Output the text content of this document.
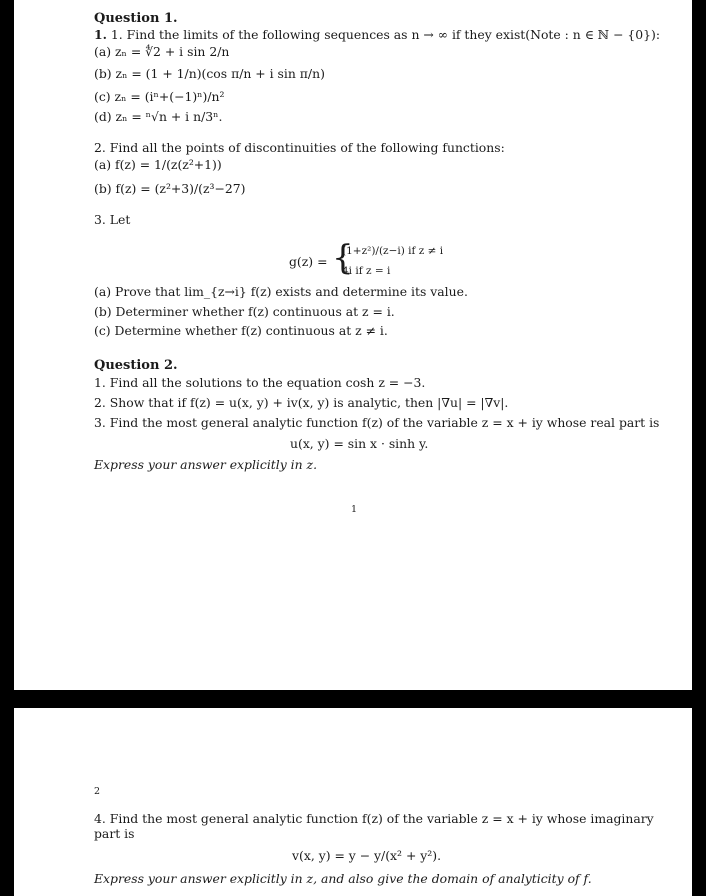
Question 1.
1. 1. Find the limits of the following sequences as n → ∞ if they exist(Note : n ∈ ℕ − {0}):
(a) zₙ = ∜2 + i sin 2/n
(b) zₙ = (1 + 1/n)(cos π/n + i sin π/n)
(c) zₙ = (iⁿ+(−1)ⁿ)/n²
(d) zₙ = ⁿ√n + i n/3ⁿ.
2. Find all the points of discontinuities of the following functions:
(a) f(z) = 1/(z(z²+1))
(b) f(z) = (z²+3)/(z³−27)
3. Let
g(z) = {
(1+z²)/(z−i) if z ≠ i
4i if z = i
(a) Prove that lim_{z→i} f(z) exists and determine its value.
(b) Determiner whether f(z) continuous at z = i.
(c) Determine whether f(z) continuous at z ≠ i.
Question 2.
1. Find all the solutions to the equation cosh z = −3.
2. Show that if f(z) = u(x, y) + iv(x, y) is analytic, then |∇u| = |∇v|.
3. Find the most general analytic function f(z) of the variable z = x + iy whose real part is
u(x, y) = sin x · sinh y.
Express your answer explicitly in z.
1
2
4. Find the most general analytic function f(z) of the variable z = x + iy whose imaginary
part is
v(x, y) = y − y/(x² + y²).
Express your answer explicitly in z, and also give the domain of analyticity of f.
